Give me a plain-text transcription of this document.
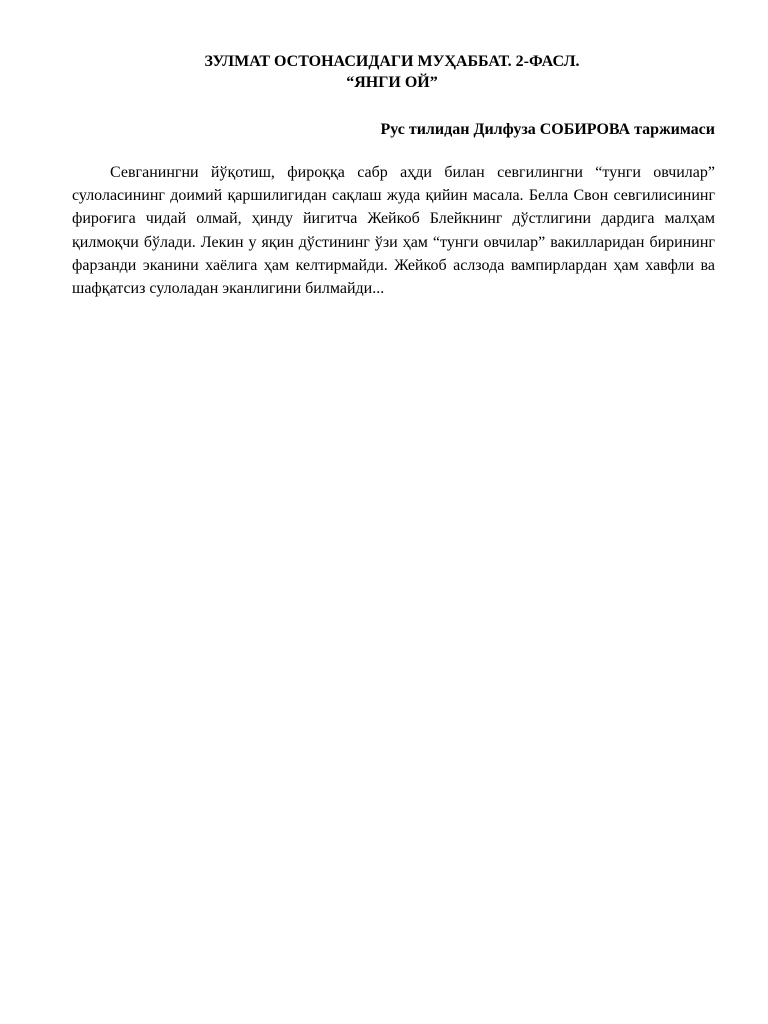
ЗУЛМАТ ОСТОНАСИДАГИ МУҲАББАТ. 2-ФАСЛ.

“ЯНГИ ОЙ”

Рус тилидан Дилфуза СОБИРОВА таржимаси

Севганингни йўқотиш, фироққа сабр аҳди билан севгилингни “тунги овчилар” сулоласининг доимий қаршилигидан сақлаш жуда қийин масала. Белла Свон севгилисининг фироғига чидай олмай, ҳинду йигитча Жейкоб Блейкнинг дўстлигини дардига малҳам қилмоқчи бўлади. Лекин у яқин дўстининг ўзи ҳам “тунги овчилар” вакилларидан бирининг фарзанди эканини хаёлига ҳам келтирмайди. Жейкоб аслзода вампирлардан ҳам хавфли ва шафқатсиз сулоладан эканлигини билмайди...
